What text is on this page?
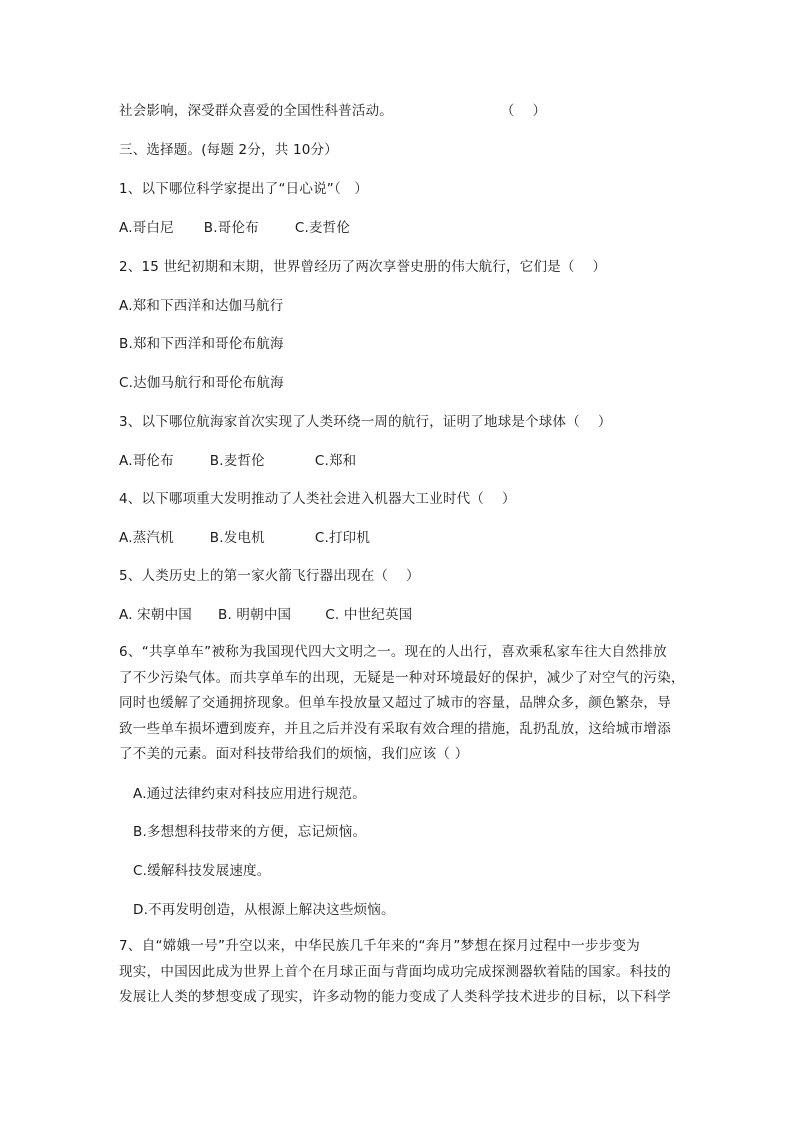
社会影响，深受群众喜爱的全国性科普活动。                        （    ）

三、选择题。(每题 2分，共 10分）

1、以下哪位科学家提出了“日心说”（   ）

A.哥白尼 B.哥伦布	C.麦哲伦

2、15 世纪初期和末期，世界曾经历了两次享誉史册的伟大航行，它们是（    ）

A.郑和下西洋和达伽马航行

B.郑和下西洋和哥伦布航海

C.达伽马航行和哥伦布航海

3、以下哪位航海家首次实现了人类环绕一周的航行，证明了地球是个球体（    ）

A.哥伦布	B.麦哲伦	C.郑和

4、以下哪项重大发明推动了人类社会进入机器大工业时代（    ）

A.蒸汽机	B.发电机	C.打印机

5、人类历史上的第一家火箭飞行器出现在（    ）

A. 宋朝中国 B. 明朝中国	C. 中世纪英国

6、“共享单车”被称为我国现代四大文明之一。现在的人出行，喜欢乘私家车往大自然排放
了不少污染气体。而共享单车的出现，无疑是一种对环境最好的保护，减少了对空气的污染，
同时也缓解了交通拥挤现象。但单车投放量又超过了城市的容量，品牌众多，颜色繁杂，导
致一些单车损坏遭到废弃，并且之后并没有采取有效合理的措施，乱扔乱放，这给城市增添
了不美的元素。面对科技带给我们的烦恼，我们应该（ ）

A.通过法律约束对科技应用进行规范。

B.多想想科技带来的方便，忘记烦恼。

C.缓解科技发展速度。

D.不再发明创造，从根源上解决这些烦恼。

7、自“嫦娥一号”升空以来，中华民族几千年来的“奔月”梦想在探月过程中一步步变为
现实，中国因此成为世界上首个在月球正面与背面均成功完成探测器软着陆的国家。科技的
发展让人类的梦想变成了现实，许多动物的能力变成了人类科学技术进步的目标，以下科学
